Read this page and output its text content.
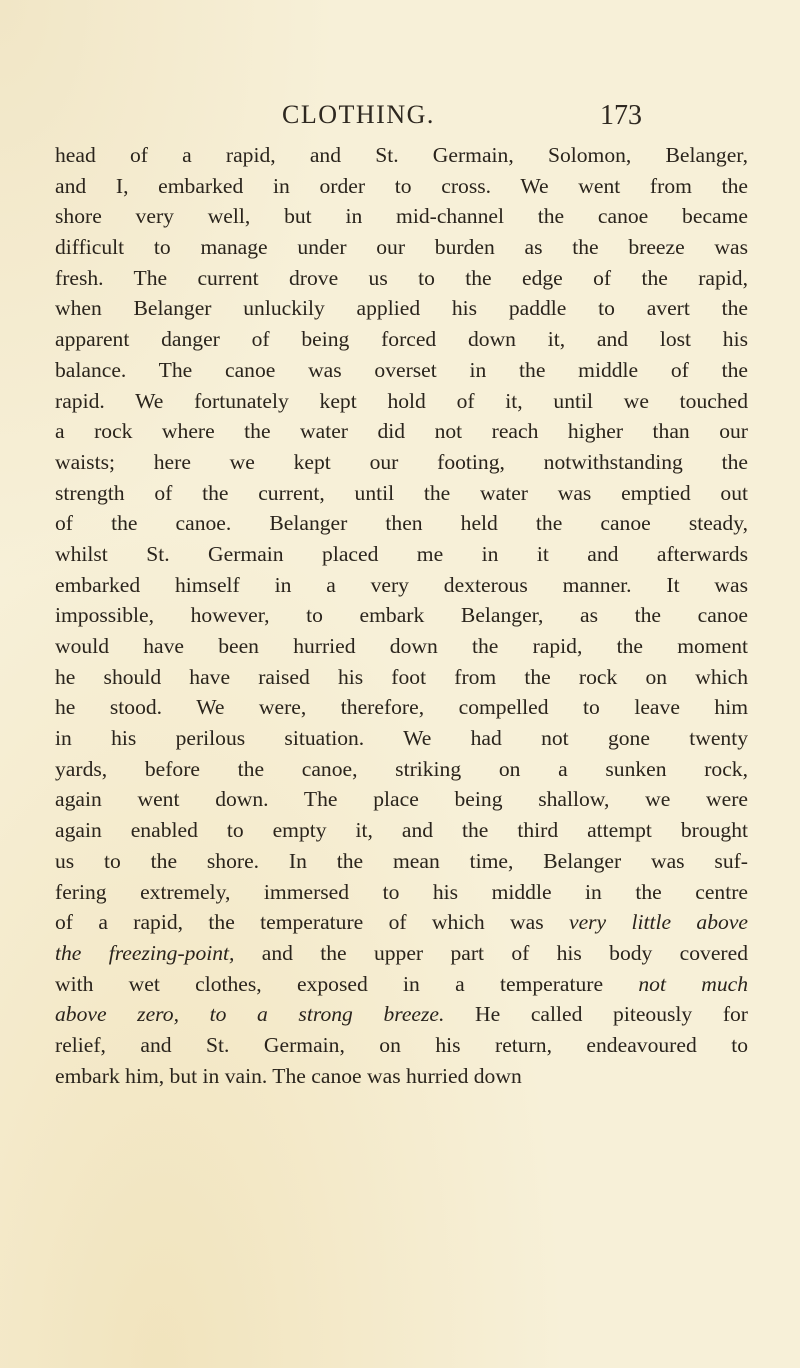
CLOTHING.	173
head of a rapid, and St. Germain, Solomon, Belanger,
and I, embarked in order to cross. We went from the
shore very well, but in mid-channel the canoe became
difficult to manage under our burden as the breeze was
fresh. The current drove us to the edge of the rapid,
when Belanger unluckily applied his paddle to avert the
apparent danger of being forced down it, and lost his
balance. The canoe was overset in the middle of the
rapid. We fortunately kept hold of it, until we touched
a rock where the water did not reach higher than our
waists; here we kept our footing, notwithstanding the
strength of the current, until the water was emptied out
of the canoe. Belanger then held the canoe steady,
whilst St. Germain placed me in it and afterwards
embarked himself in a very dexterous manner. It was
impossible, however, to embark Belanger, as the canoe
would have been hurried down the rapid, the moment
he should have raised his foot from the rock on which
he stood. We were, therefore, compelled to leave him
in his perilous situation. We had not gone twenty
yards, before the canoe, striking on a sunken rock,
again went down. The place being shallow, we were
again enabled to empty it, and the third attempt brought
us to the shore. In the mean time, Belanger was suf-
fering extremely, immersed to his middle in the centre
of a rapid, the temperature of which was very little above
the freezing-point, and the upper part of his body covered
with wet clothes, exposed in a temperature not much
above zero, to a strong breeze. He called piteously for
relief, and St. Germain, on his return, endeavoured to
embark him, but in vain. The canoe was hurried down
